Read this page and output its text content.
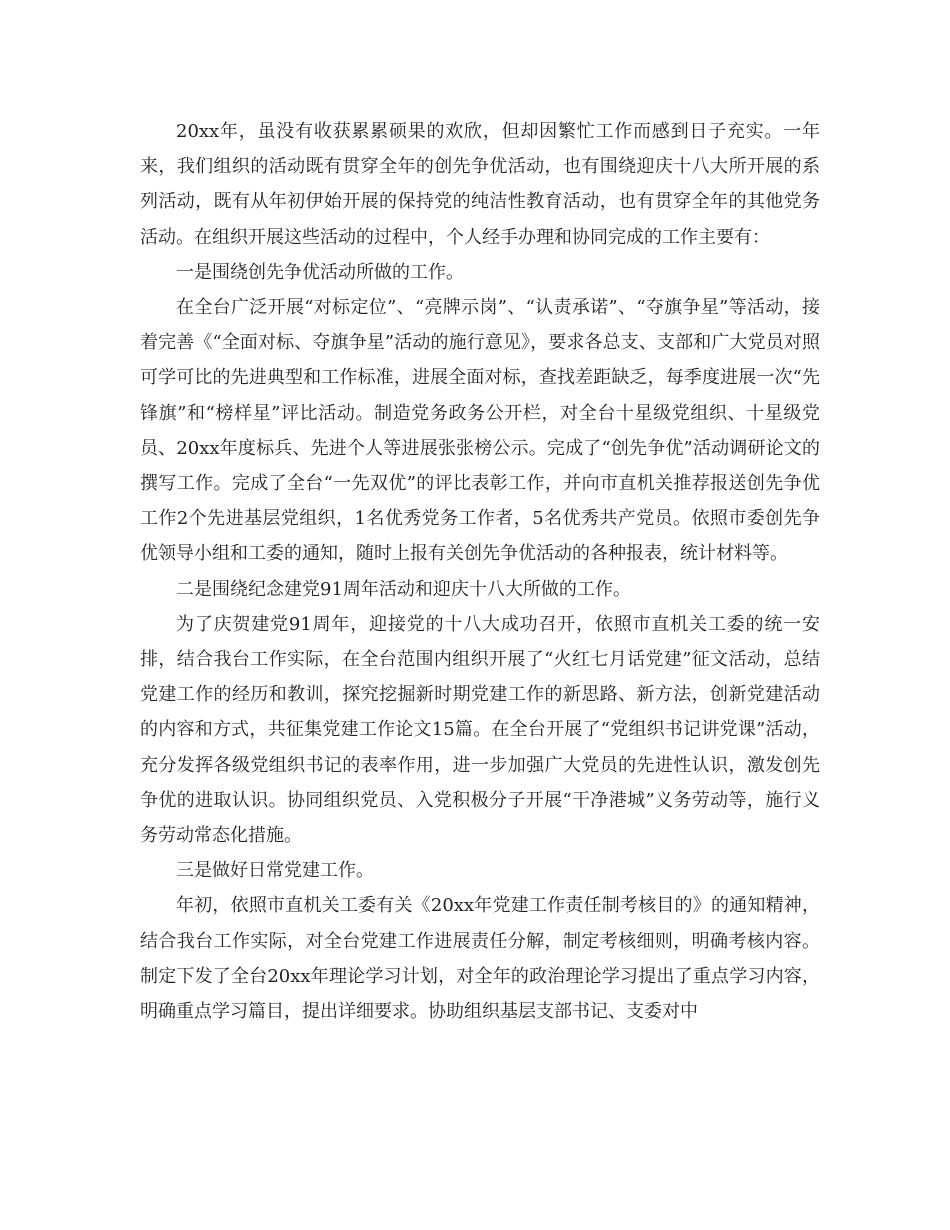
20xx年，虽没有收获累累硕果的欢欣，但却因繁忙工作而感到日子充实。一年来，我们组织的活动既有贯穿全年的创先争优活动，也有围绕迎庆十八大所开展的系列活动，既有从年初伊始开展的保持党的纯洁性教育活动，也有贯穿全年的其他党务活动。在组织开展这些活动的过程中，个人经手办理和协同完成的工作主要有：

一是围绕创先争优活动所做的工作。

在全台广泛开展“对标定位”、“亮牌示岗”、“认责承诺”、“夺旗争星”等活动，接着完善《“全面对标、夺旗争星”活动的施行意见》，要求各总支、支部和广大党员对照可学可比的先进典型和工作标准，进展全面对标，查找差距缺乏，每季度进展一次“先锋旗”和“榜样星”评比活动。制造党务政务公开栏，对全台十星级党组织、十星级党员、20xx年度标兵、先进个人等进展张张榜公示。完成了“创先争优”活动调研论文的撰写工作。完成了全台“一先双优”的评比表彰工作，并向市直机关推荐报送创先争优工作2个先进基层党组织，1名优秀党务工作者，5名优秀共产党员。依照市委创先争优领导小组和工委的通知，随时上报有关创先争优活动的各种报表，统计材料等。

二是围绕纪念建党91周年活动和迎庆十八大所做的工作。

为了庆贺建党91周年，迎接党的十八大成功召开，依照市直机关工委的统一安排，结合我台工作实际，在全台范围内组织开展了“火红七月话党建”征文活动，总结党建工作的经历和教训，探究挖掘新时期党建工作的新思路、新方法，创新党建活动的内容和方式，共征集党建工作论文15篇。在全台开展了“党组织书记讲党课”活动，充分发挥各级党组织书记的表率作用，进一步加强广大党员的先进性认识，激发创先争优的进取认识。协同组织党员、入党积极分子开展“干净港城”义务劳动等，施行义务劳动常态化措施。

三是做好日常党建工作。

年初，依照市直机关工委有关《20xx年党建工作责任制考核目的》的通知精神，结合我台工作实际，对全台党建工作进展责任分解，制定考核细则，明确考核内容。制定下发了全台20xx年理论学习计划，对全年的政治理论学习提出了重点学习内容，明确重点学习篇目，提出详细要求。协助组织基层支部书记、支委对中
